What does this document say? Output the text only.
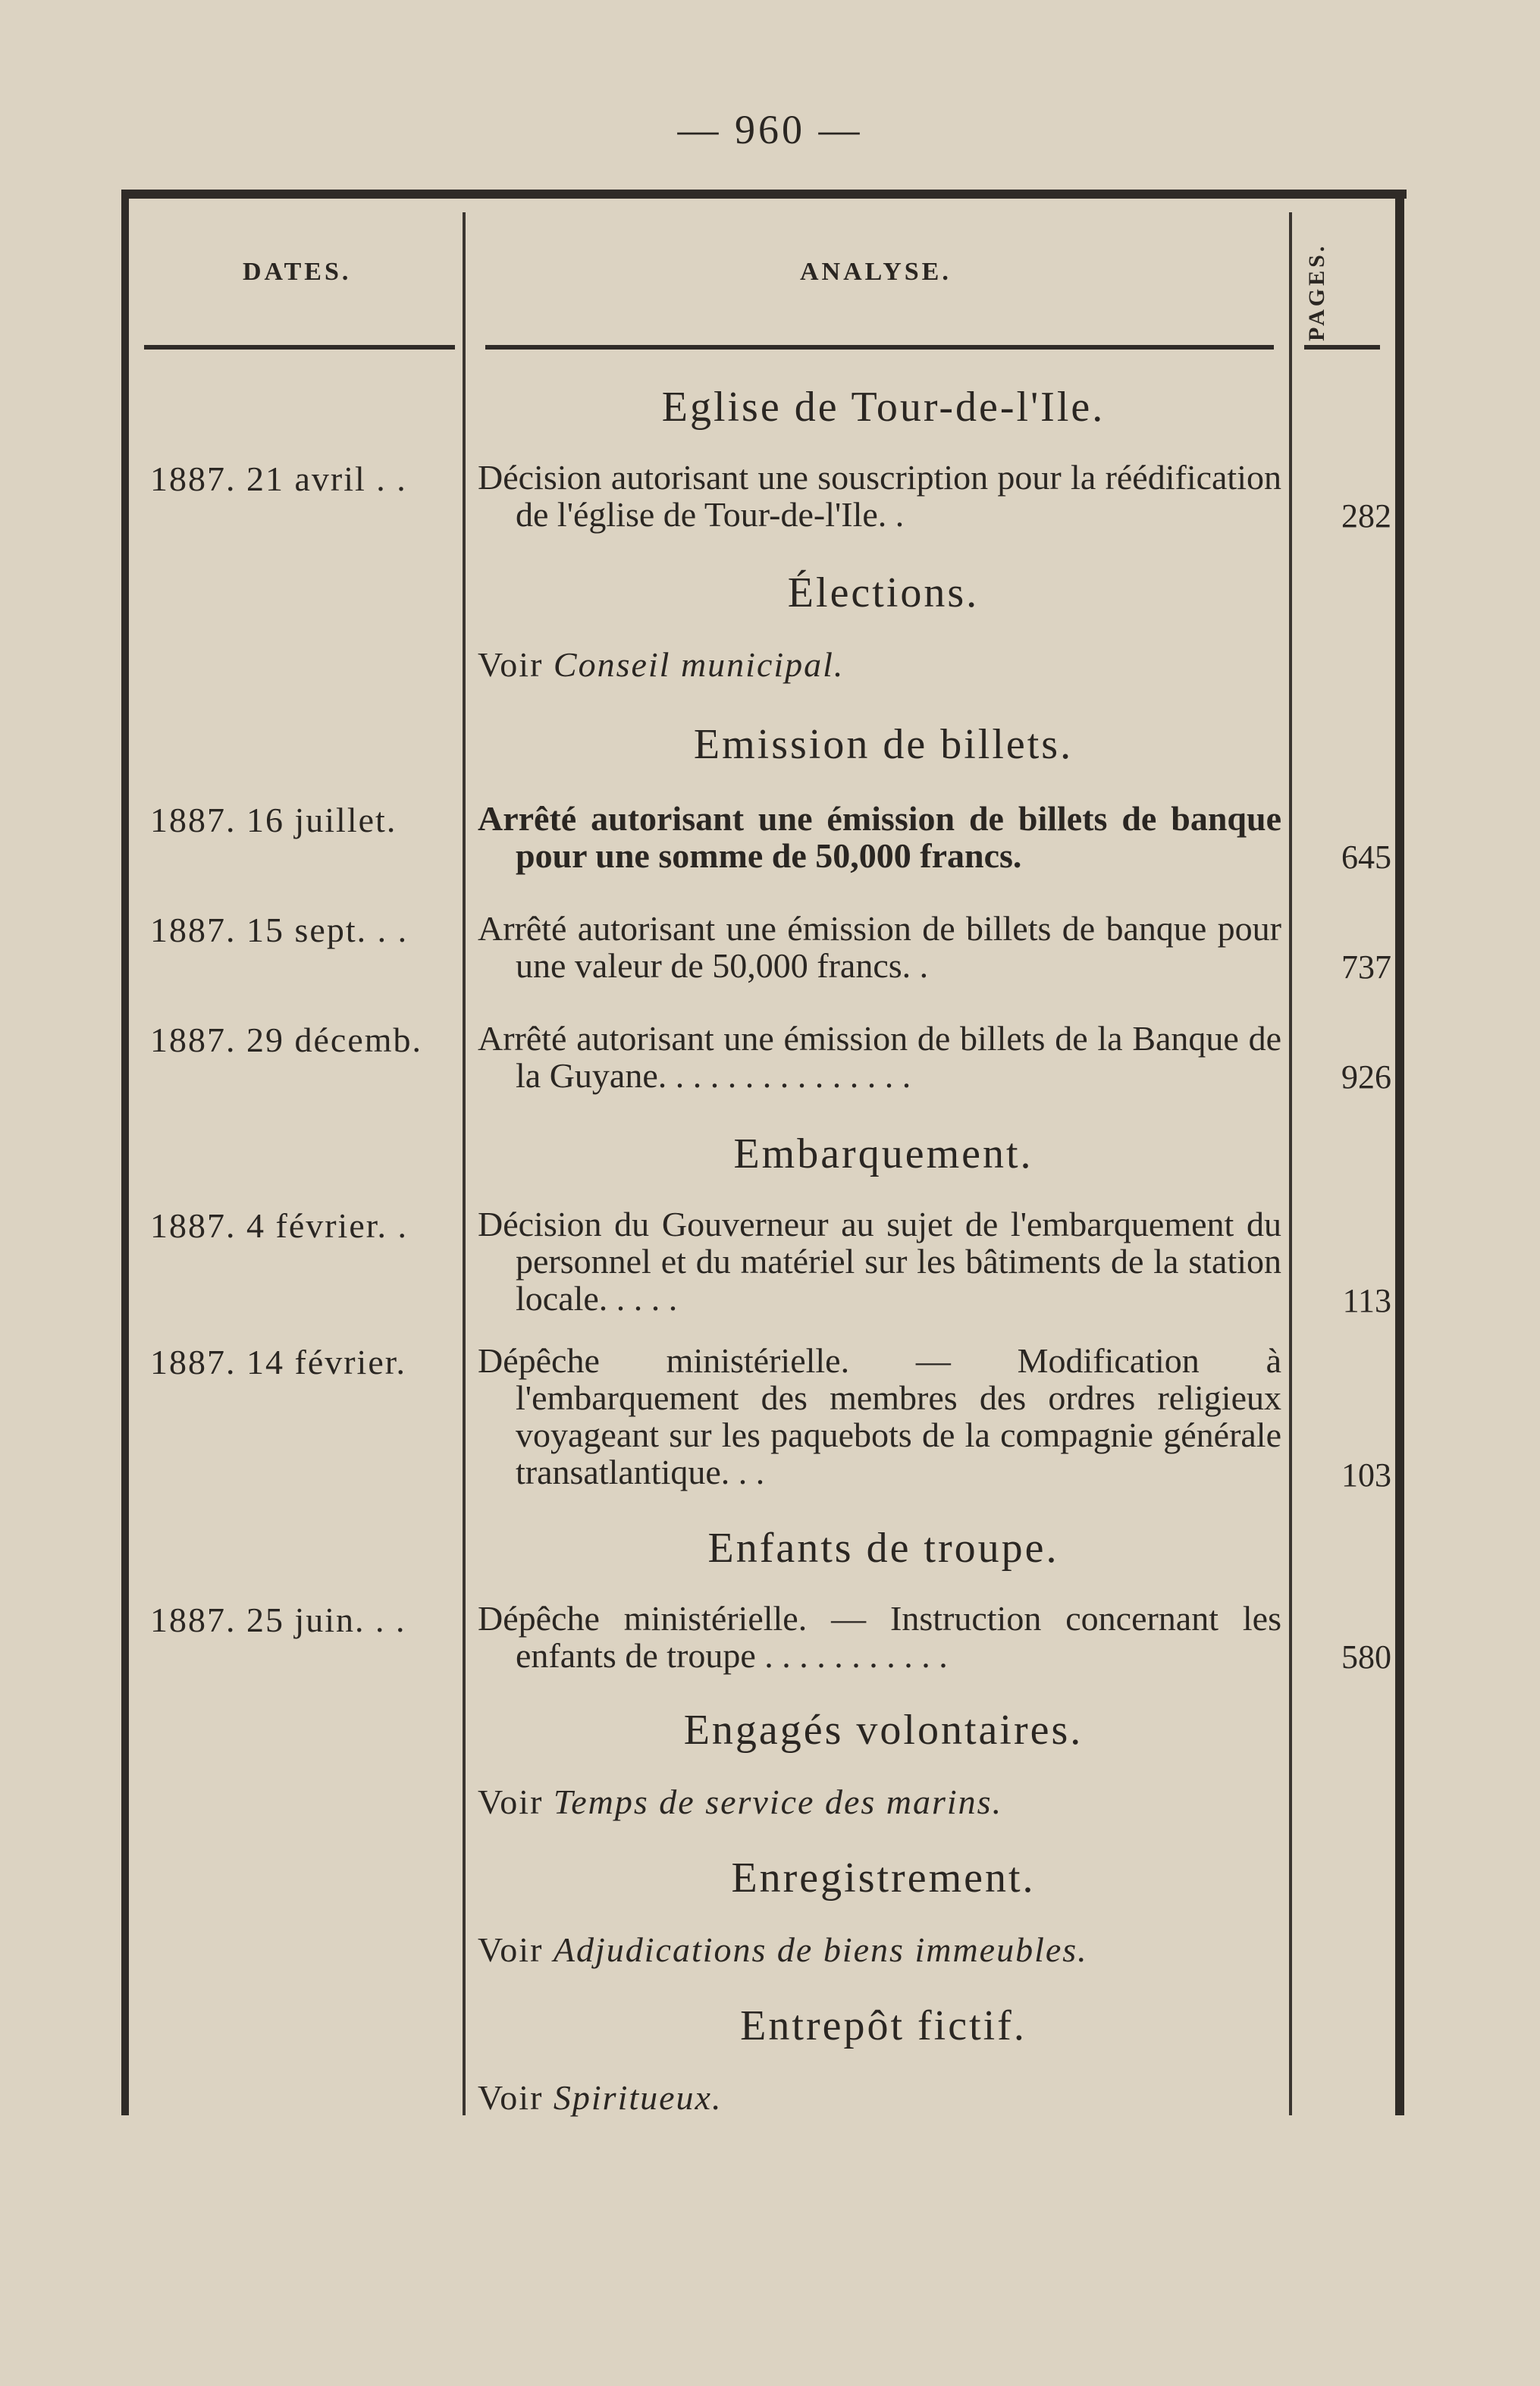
— 960 —
DATES.	ANALYSE.	PAGES.
Eglise de Tour-de-l'Ile.
1887. 21 avril . .	Décision autorisant une souscription pour la réédification de l'église de Tour-de-l'Ile. .	282
Élections.
Voir Conseil municipal.
Emission de billets.
1887. 16 juillet.	Arrêté autorisant une émission de billets de banque pour une somme de 50,000 francs.	645
1887. 15 sept. . .	Arrêté autorisant une émission de billets de banque pour une valeur de 50,000 francs. .	737
1887. 29 décemb.	Arrêté autorisant une émission de billets de la Banque de la Guyane. . . . . . . . . . . . . . .	926
Embarquement.
1887. 4 février. .	Décision du Gouverneur au sujet de l'embarquement du personnel et du matériel sur les bâtiments de la station locale. . . . .	113
1887. 14 février.	Dépêche ministérielle. — Modification à l'embarquement des membres des ordres religieux voyageant sur les paquebots de la compagnie générale transatlantique. . .	103
Enfants de troupe.
1887. 25 juin. . .	Dépêche ministérielle. — Instruction concernant les enfants de troupe . . . . . . . . . . .	580
Engagés volontaires.
Voir Temps de service des marins.
Enregistrement.
Voir Adjudications de biens immeubles.
Entrepôt fictif.
Voir Spiritueux.
